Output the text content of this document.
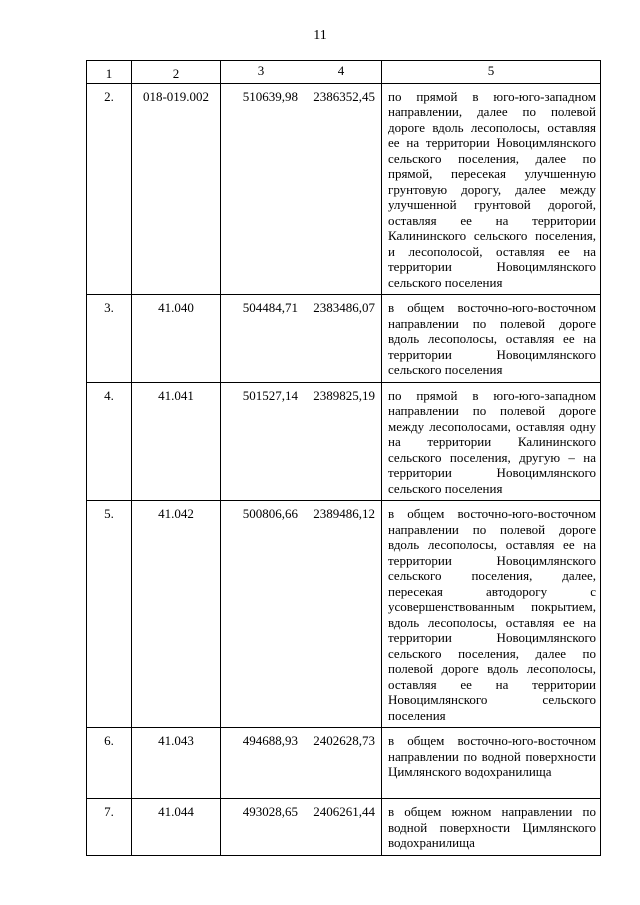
11
1	2	3	4	5
2.	018-019.002	510639,98	2386352,45	по прямой в юго-юго-западном направлении, далее по полевой дороге вдоль лесополосы, оставляя ее на территории Новоцимлянского сельского поселения, далее по прямой, пересекая улучшенную грунтовую дорогу, далее между улучшенной грунтовой дорогой, оставляя ее на территории Калининского сельского поселения, и лесополосой, оставляя ее на территории Новоцимлянского сельского поселения
3.	41.040	504484,71	2383486,07	в общем восточно-юго-восточном направлении по полевой дороге вдоль лесополосы, оставляя ее на территории Новоцимлянского сельского поселения
4.	41.041	501527,14	2389825,19	по прямой в юго-юго-западном направлении по полевой дороге между лесополосами, оставляя одну на территории Калининского сельского поселения, другую – на территории Новоцимлянского сельского поселения
5.	41.042	500806,66	2389486,12	в общем восточно-юго-восточном направлении по полевой дороге вдоль лесополосы, оставляя ее на территории Новоцимлянского сельского поселения, далее, пересекая автодорогу с усовершенствованным покрытием, вдоль лесополосы, оставляя ее на территории Новоцимлянского сельского поселения, далее по полевой дороге вдоль лесополосы, оставляя ее на территории Новоцимлянского сельского поселения
6.	41.043	494688,93	2402628,73	в общем восточно-юго-восточном направлении по водной поверхности Цимлянского водохранилища
7.	41.044	493028,65	2406261,44	в общем южном направлении по водной поверхности Цимлянского водохранилища
